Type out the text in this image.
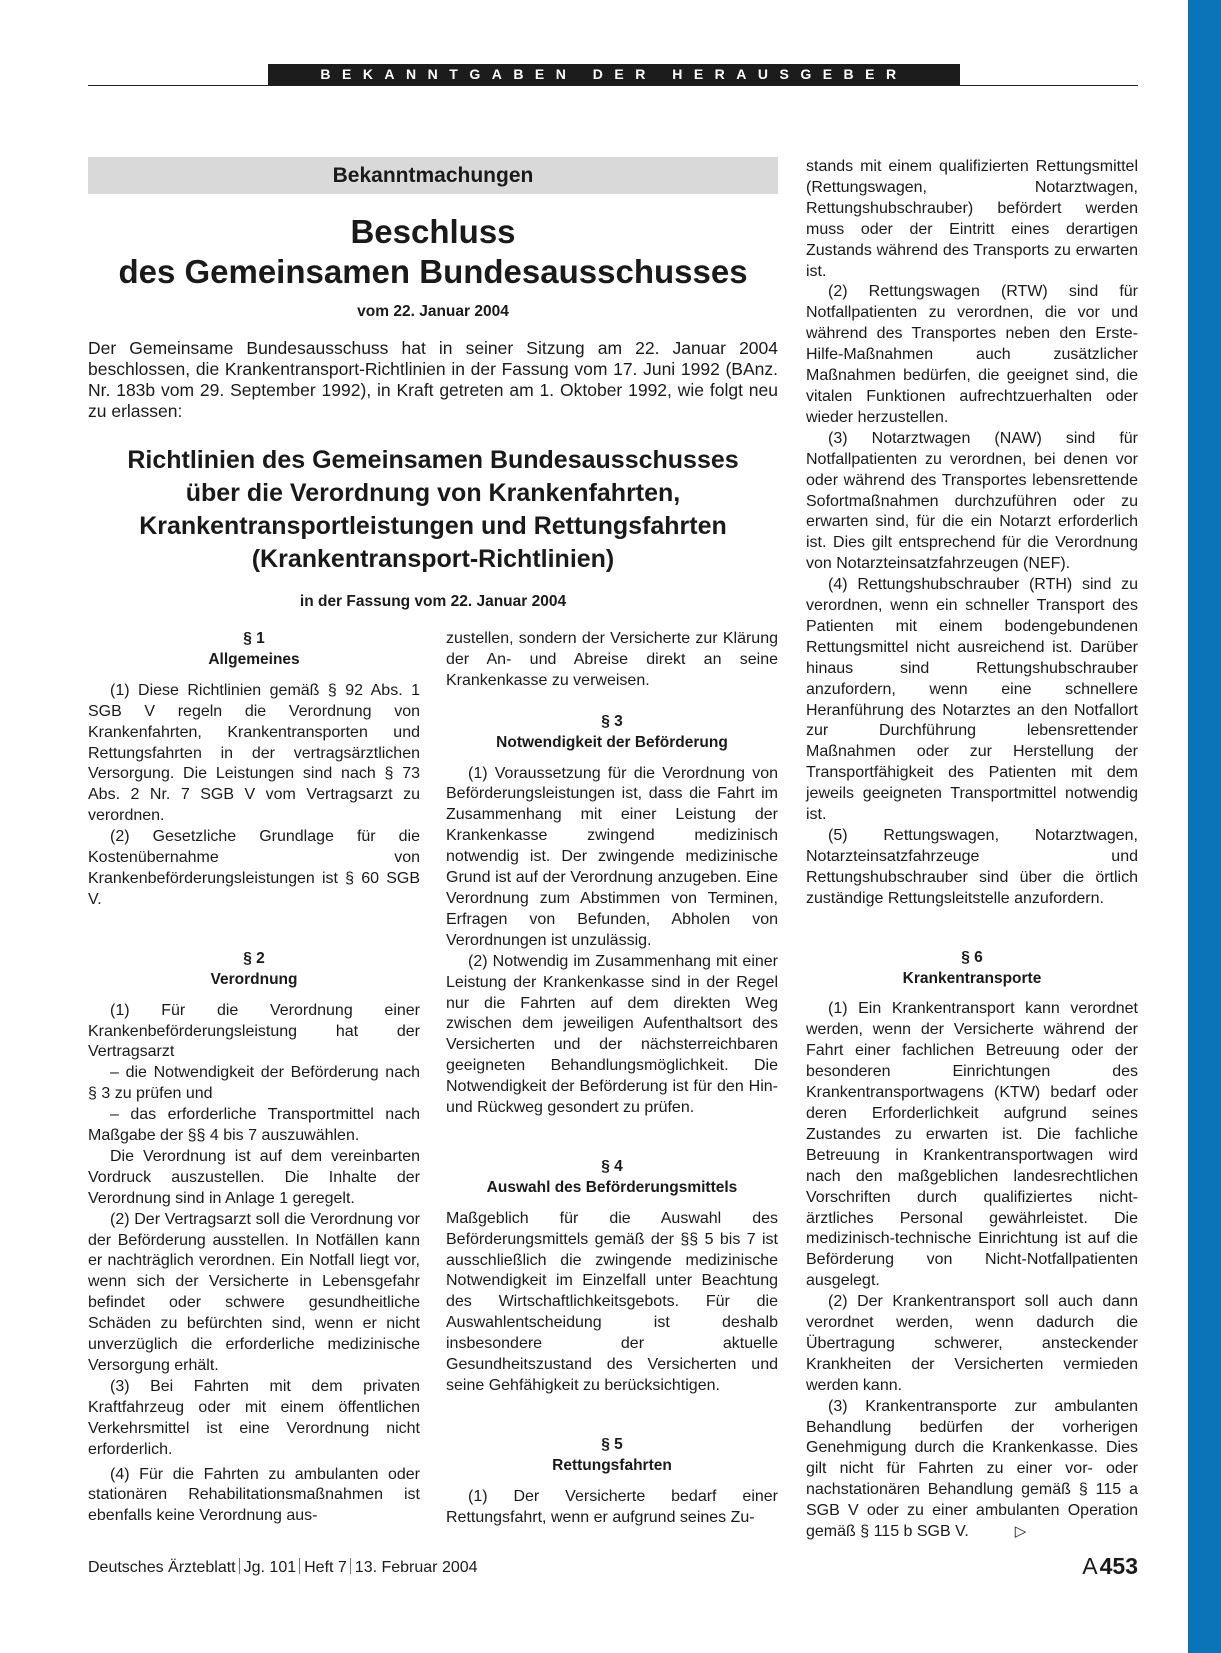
BEKANNTGABEN DER HERAUSGEBER
Bekanntmachungen
Beschluss
des Gemeinsamen Bundesausschusses
vom 22. Januar 2004

Der Gemeinsame Bundesausschuss hat in seiner Sitzung am 22. Januar 2004 beschlossen, die Krankentransport-Richtlinien in der Fassung vom 17. Juni 1992 (BAnz. Nr. 183b vom 29. September 1992), in Kraft getreten am 1. Oktober 1992, wie folgt neu zu erlassen:

Richtlinien des Gemeinsamen Bundesausschusses
über die Verordnung von Krankenfahrten,
Krankentransportleistungen und Rettungsfahrten
(Krankentransport-Richtlinien)
in der Fassung vom 22. Januar 2004
§ 1
Allgemeines

(1) Diese Richtlinien gemäß § 92 Abs. 1 SGB V regeln die Verordnung von Krankenfahrten, Krankentransporten und Rettungsfahrten in der vertragsärztlichen Versorgung. Die Leistungen sind nach § 73 Abs. 2 Nr. 7 SGB V vom Vertragsarzt zu verordnen.

(2) Gesetzliche Grundlage für die Kostenübernahme von Krankenbeförderungsleistungen ist § 60 SGB V.

§ 2
Verordnung

(1) Für die Verordnung einer Krankenbeförderungsleistung hat der Vertragsarzt

– die Notwendigkeit der Beförderung nach § 3 zu prüfen und

– das erforderliche Transportmittel nach Maßgabe der §§ 4 bis 7 auszuwählen.

Die Verordnung ist auf dem vereinbarten Vordruck auszustellen. Die Inhalte der Verordnung sind in Anlage 1 geregelt.

(2) Der Vertragsarzt soll die Verordnung vor der Beförderung ausstellen. In Notfällen kann er nachträglich verordnen. Ein Notfall liegt vor, wenn sich der Versicherte in Lebensgefahr befindet oder schwere gesundheitliche Schäden zu befürchten sind, wenn er nicht unverzüglich die erforderliche medizinische Versorgung erhält.

(3) Bei Fahrten mit dem privaten Kraftfahrzeug oder mit einem öffentlichen Verkehrsmittel ist eine Verordnung nicht erforderlich.

(4) Für die Fahrten zu ambulanten oder stationären Rehabilitationsmaßnahmen ist ebenfalls keine Verordnung aus-

zustellen, sondern der Versicherte zur Klärung der An- und Abreise direkt an seine Krankenkasse zu verweisen.

§ 3
Notwendigkeit der Beförderung

(1) Voraussetzung für die Verordnung von Beförderungsleistungen ist, dass die Fahrt im Zusammenhang mit einer Leistung der Krankenkasse zwingend medizinisch notwendig ist. Der zwingende medizinische Grund ist auf der Verordnung anzugeben. Eine Verordnung zum Abstimmen von Terminen, Erfragen von Befunden, Abholen von Verordnungen ist unzulässig.

(2) Notwendig im Zusammenhang mit einer Leistung der Krankenkasse sind in der Regel nur die Fahrten auf dem direkten Weg zwischen dem jeweiligen Aufenthaltsort des Versicherten und der nächsterreichbaren geeigneten Behandlungsmöglichkeit. Die Notwendigkeit der Beförderung ist für den Hin- und Rückweg gesondert zu prüfen.

§ 4
Auswahl des Beförderungsmittels

Maßgeblich für die Auswahl des Beförderungsmittels gemäß der §§ 5 bis 7 ist ausschließlich die zwingende medizinische Notwendigkeit im Einzelfall unter Beachtung des Wirtschaftlichkeitsgebots. Für die Auswahlentscheidung ist deshalb insbesondere der aktuelle Gesundheitszustand des Versicherten und seine Gehfähigkeit zu berücksichtigen.

§ 5
Rettungsfahrten

(1) Der Versicherte bedarf einer Rettungsfahrt, wenn er aufgrund seines Zu-

stands mit einem qualifizierten Rettungsmittel (Rettungswagen, Notarztwagen, Rettungshubschrauber) befördert werden muss oder der Eintritt eines derartigen Zustands während des Transports zu erwarten ist.

(2) Rettungswagen (RTW) sind für Notfallpatienten zu verordnen, die vor und während des Transportes neben den Erste-Hilfe-Maßnahmen auch zusätzlicher Maßnahmen bedürfen, die geeignet sind, die vitalen Funktionen aufrechtzuerhalten oder wieder herzustellen.

(3) Notarztwagen (NAW) sind für Notfallpatienten zu verordnen, bei denen vor oder während des Transportes lebensrettende Sofortmaßnahmen durchzuführen oder zu erwarten sind, für die ein Notarzt erforderlich ist. Dies gilt entsprechend für die Verordnung von Notarzteinsatzfahrzeugen (NEF).

(4) Rettungshubschrauber (RTH) sind zu verordnen, wenn ein schneller Transport des Patienten mit einem bodengebundenen Rettungsmittel nicht ausreichend ist. Darüber hinaus sind Rettungshubschrauber anzufordern, wenn eine schnellere Heranführung des Notarztes an den Notfallort zur Durchführung lebensrettender Maßnahmen oder zur Herstellung der Transportfähigkeit des Patienten mit dem jeweils geeigneten Transportmittel notwendig ist.

(5) Rettungswagen, Notarztwagen, Notarzteinsatzfahrzeuge und Rettungshubschrauber sind über die örtlich zuständige Rettungsleitstelle anzufordern.

§ 6
Krankentransporte

(1) Ein Krankentransport kann verordnet werden, wenn der Versicherte während der Fahrt einer fachlichen Betreuung oder der besonderen Einrichtungen des Krankentransportwagens (KTW) bedarf oder deren Erforderlichkeit aufgrund seines Zustandes zu erwarten ist. Die fachliche Betreuung in Krankentransportwagen wird nach den maßgeblichen landesrechtlichen Vorschriften durch qualifiziertes nicht-ärztliches Personal gewährleistet. Die medizinisch-technische Einrichtung ist auf die Beförderung von Nicht-Notfallpatienten ausgelegt.

(2) Der Krankentransport soll auch dann verordnet werden, wenn dadurch die Übertragung schwerer, ansteckender Krankheiten der Versicherten vermieden werden kann.

(3) Krankentransporte zur ambulanten Behandlung bedürfen der vorherigen Genehmigung durch die Krankenkasse. Dies gilt nicht für Fahrten zu einer vor- oder nachstationären Behandlung gemäß § 115 a SGB V oder zu einer ambulanten Operation gemäß § 115 b SGB V.	▷

Deutsches Ärzteblatt Jg. 101 Heft 7 13. Februar 2004	A453
